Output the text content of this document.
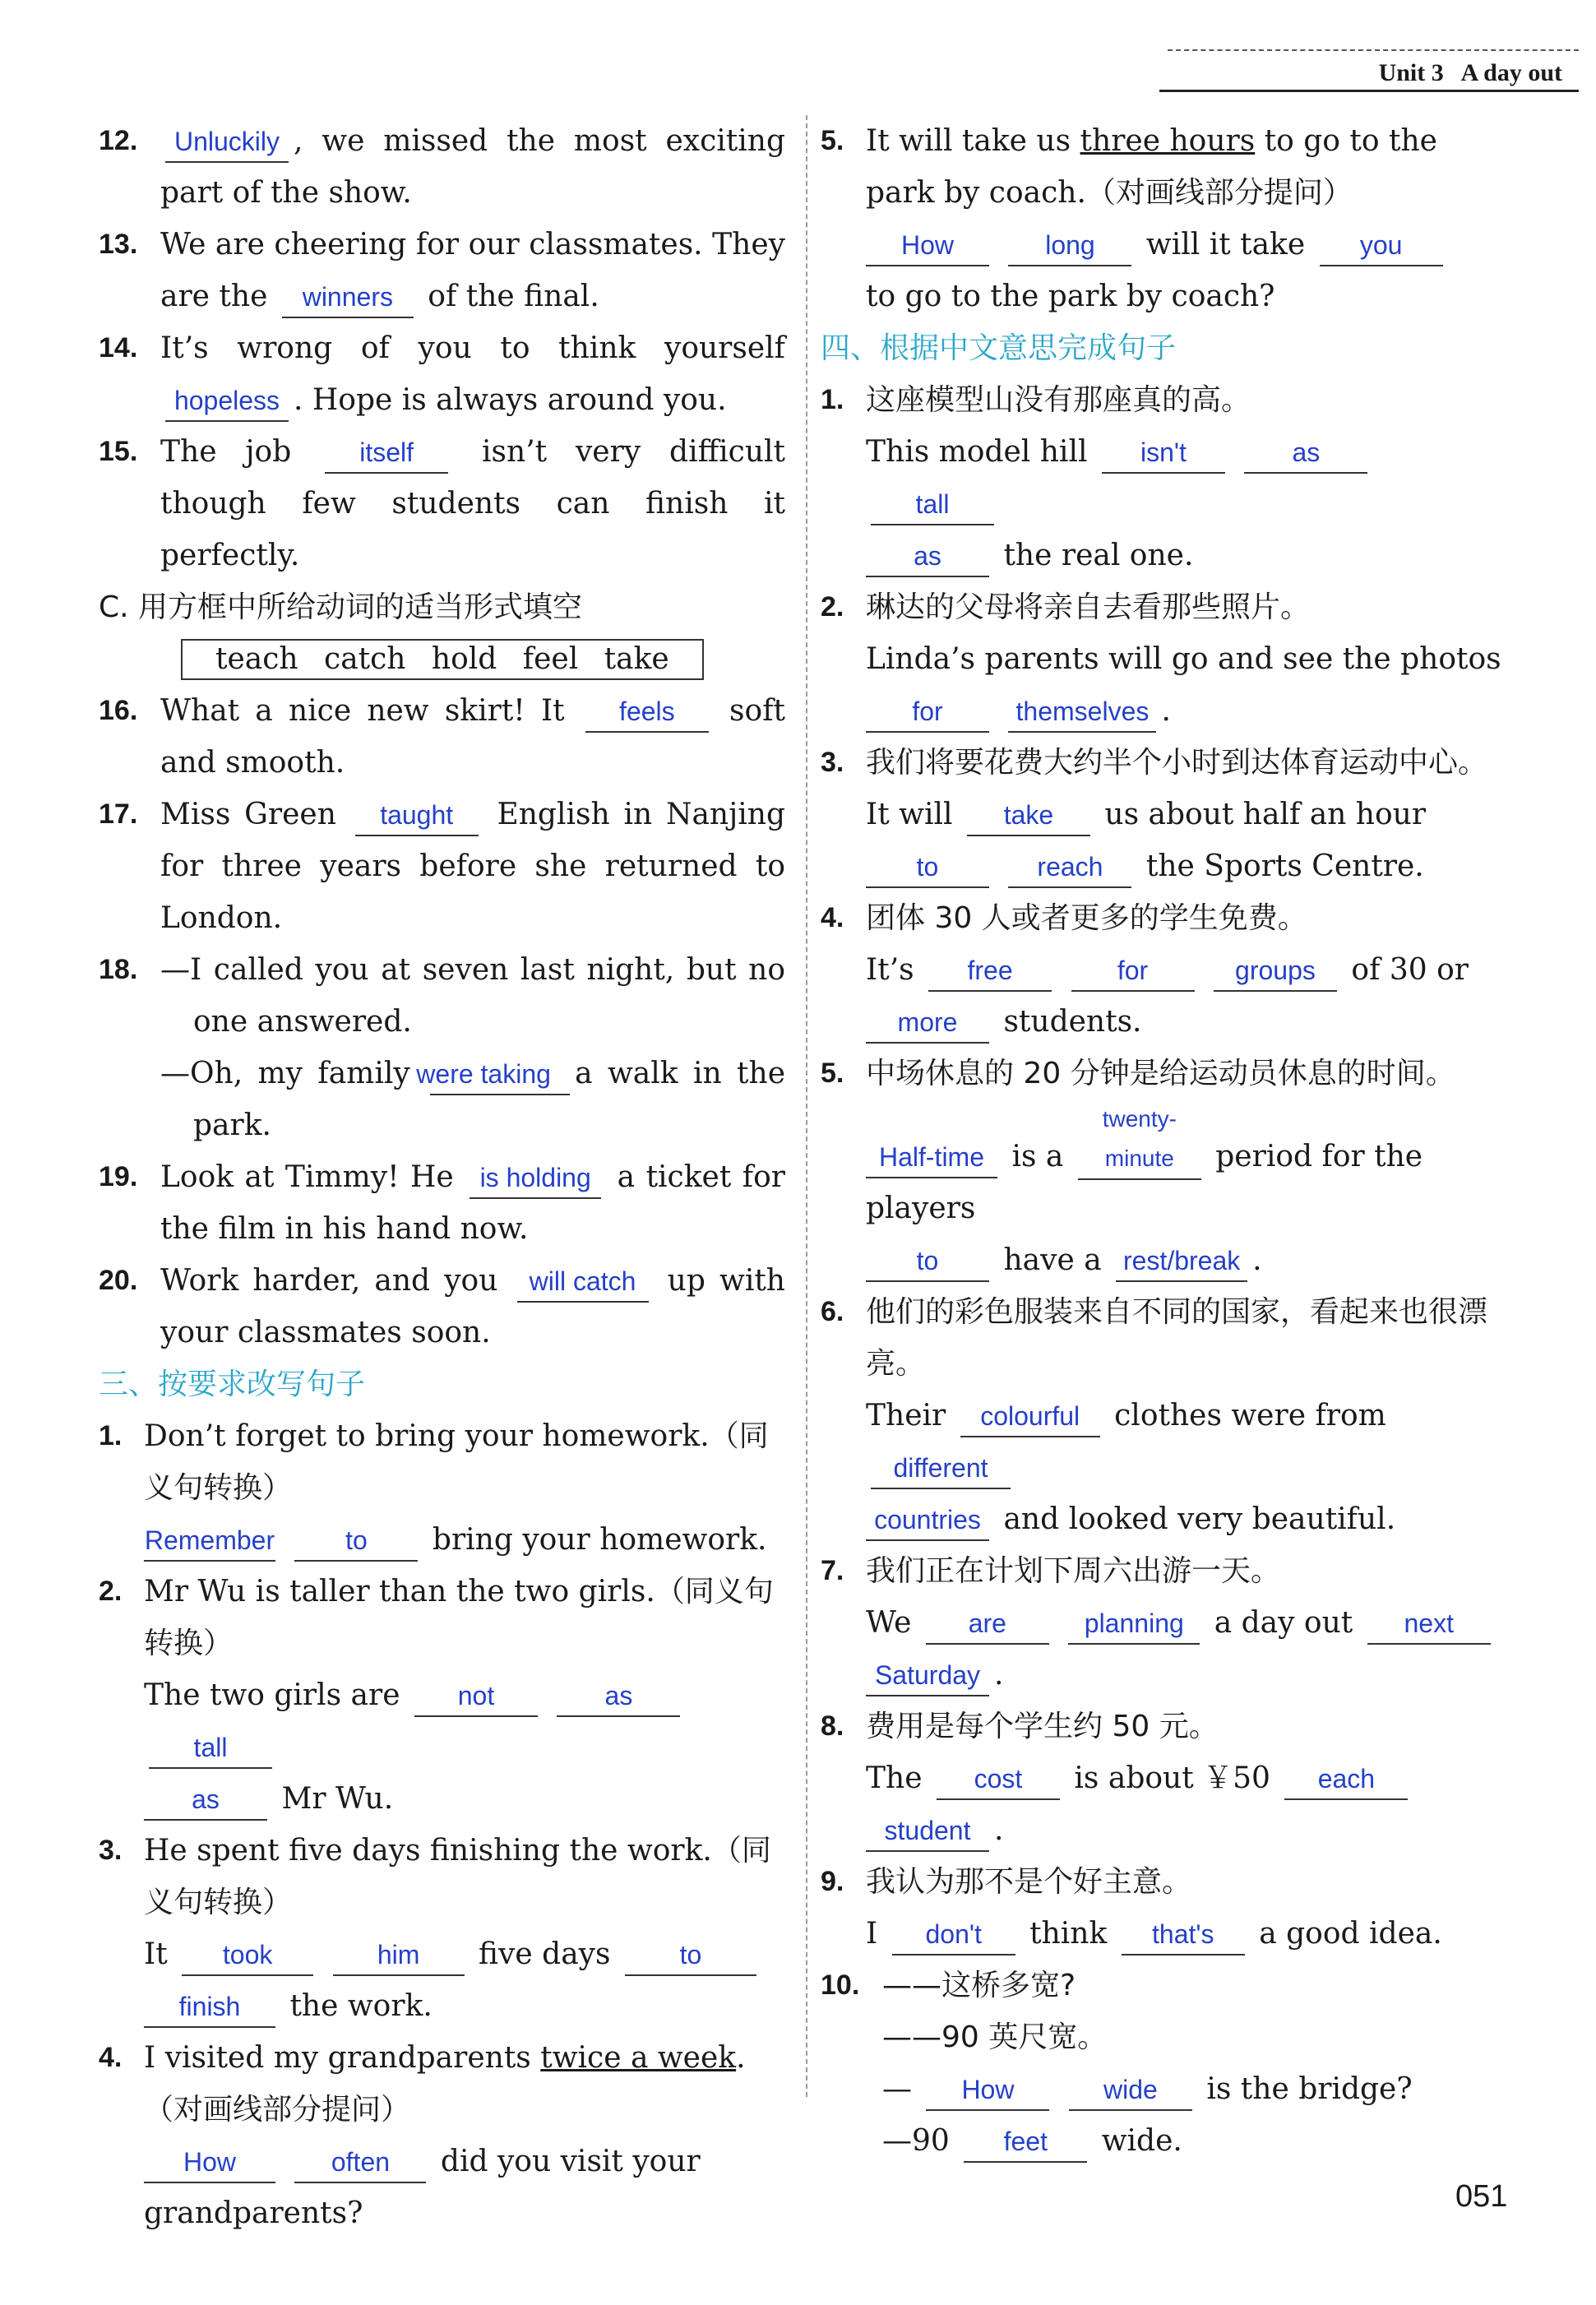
Unit 3 A day out
12. Unluckily , we missed the most exciting part of the show.
13. We are cheering for our classmates. They are the winners of the final.
14. It’s wrong of you to think yourself hopeless . Hope is always around you.
15. The job	itself isn’t very difficult though few students can finish it perfectly.
C. 用方框中所给动词的适当形式填空
teach catch hold feel take
16. What a nice new skirt! It feels soft and smooth.
17. Miss Green taught English in Nanjing for three years before she returned to London.
18. —I called you at seven last night, but no one answered.
—Oh, my family were taking a walk in the park.
19. Look at Timmy! He is holding a ticket for the film in his hand now.
20. Work harder, and you will catch up with your classmates soon.
三、按要求改写句子
1. Don’t forget to bring your homework.（同义句转换）
Remember	to bring your homework.
2. Mr Wu is taller than the two girls.（同义句转换）
The two girls are not	as tall
as Mr Wu.
3. He spent five days finishing the work.（同义句转换）
It took	him five days	to
finish the work.
4. I visited my grandparents twice a week.（对画线部分提问）
How	often did you visit your grandparents?
5. It will take us three hours to go to the park by coach.（对画线部分提问）
How	long will it take you
to go to the park by coach?
四、根据中文意思完成句子
1. 这座模型山没有那座真的高。
This model hill isn't	as tall
as the real one.
2. 琳达的父母将亲自去看那些照片。
Linda’s parents will go and see the photos
for	themselves .
3. 我们将要花费大约半个小时到达体育运动中心。
It will take us about half an hour
to	reach the Sports Centre.
4. 团体 30 人或者更多的学生免费。
It’s free	for	groups of 30 or
more students.
5. 中场休息的 20 分钟是给运动员休息的时间。
Half-time is a twenty-minute period for the players
to have a rest/break .
6. 他们的彩色服装来自不同的国家，看起来也很漂亮。
Their colourful clothes were from different
countries and looked very beautiful.
7. 我们正在计划下周六出游一天。
We are	planning a day out next
Saturday .
8. 费用是每个学生约 50 元。
The cost is about ￥50 each
student .
9. 我认为那不是个好主意。
I don't think that's a good idea.
10. ——这桥多宽?
——90 英尺宽。
— How	wide is the bridge?
—90 feet wide.
051
